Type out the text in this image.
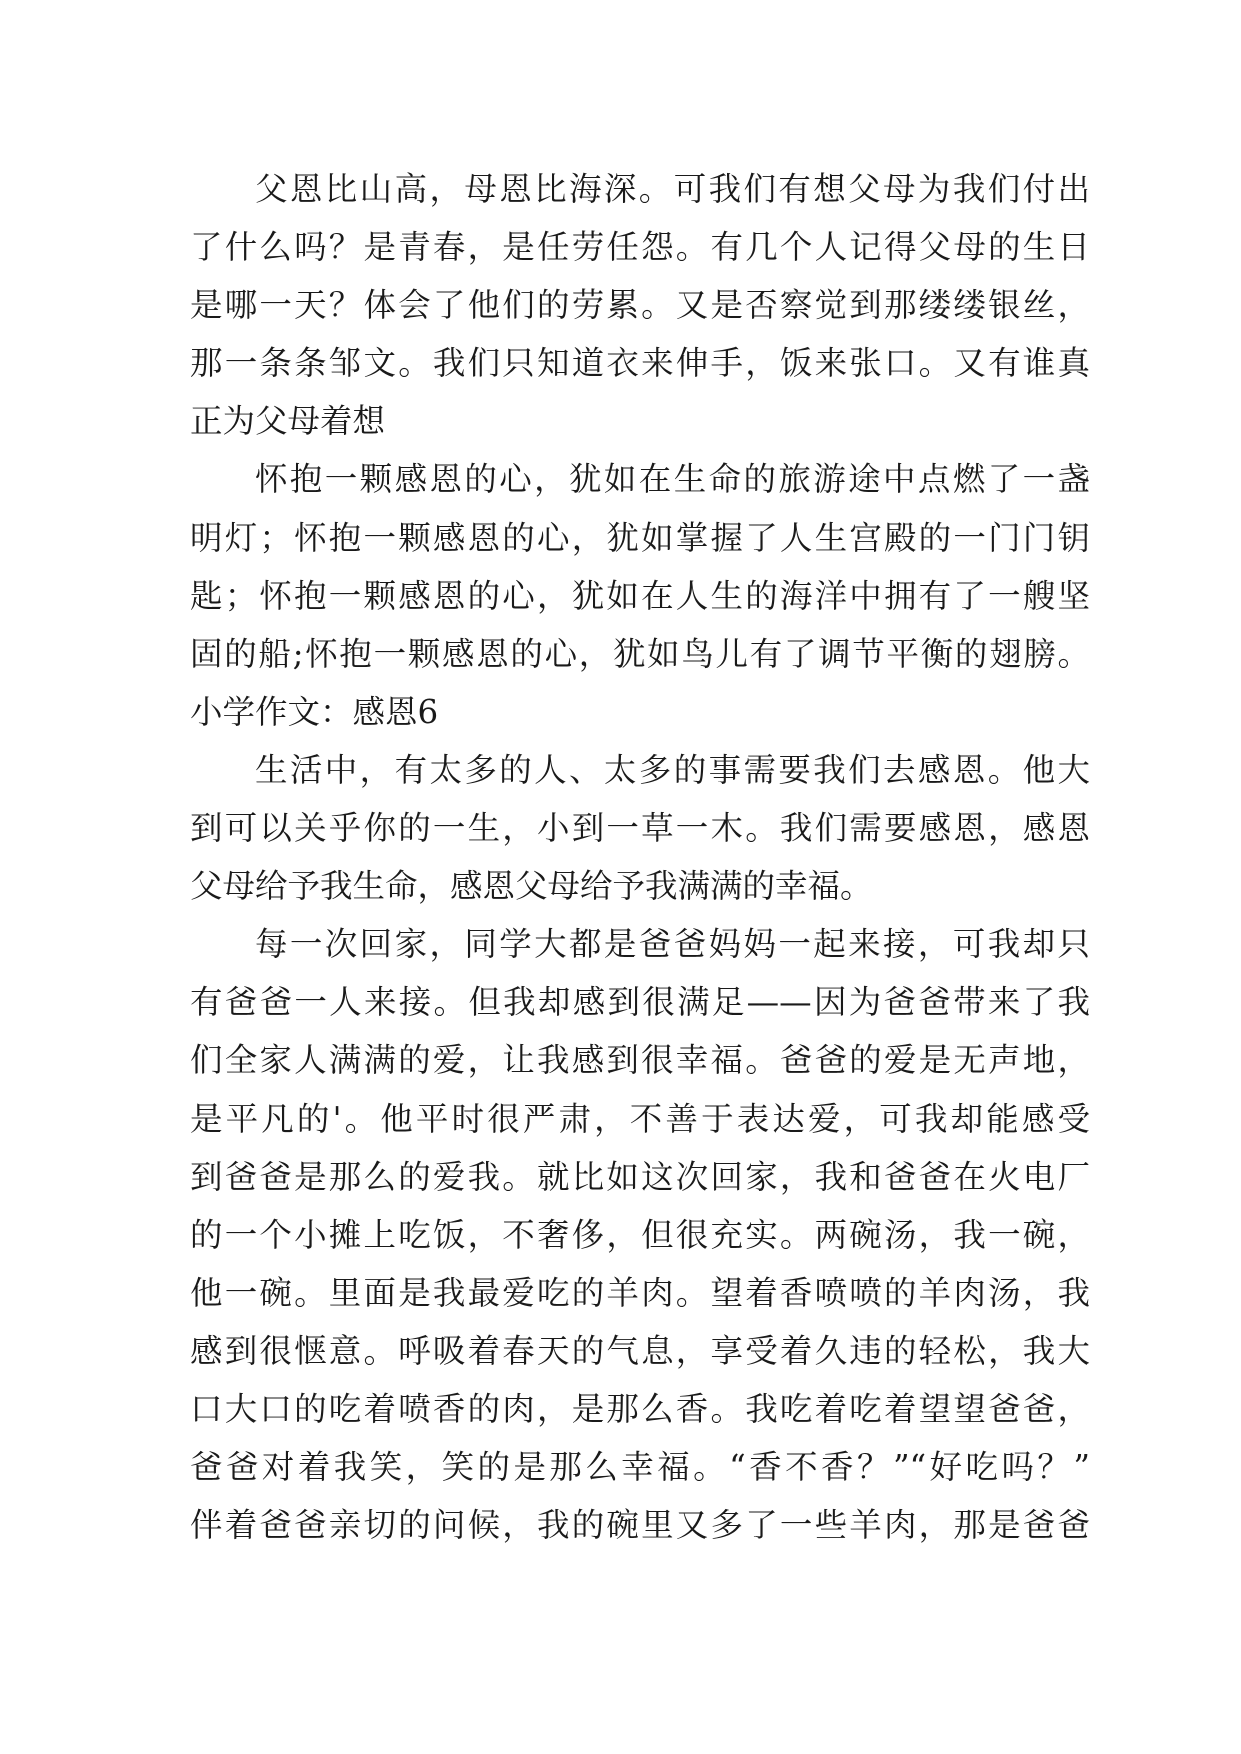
父恩比山高，母恩比海深。可我们有想父母为我们付出
了什么吗？是青春，是任劳任怨。有几个人记得父母的生日
是哪一天？体会了他们的劳累。又是否察觉到那缕缕银丝，
那一条条邹文。我们只知道衣来伸手，饭来张口。又有谁真
正为父母着想
怀抱一颗感恩的心，犹如在生命的旅游途中点燃了一盏
明灯；怀抱一颗感恩的心，犹如掌握了人生宫殿的一门门钥
匙；怀抱一颗感恩的心，犹如在人生的海洋中拥有了一艘坚
固的船;怀抱一颗感恩的心，犹如鸟儿有了调节平衡的翅膀。
小学作文：感恩6
生活中，有太多的人、太多的事需要我们去感恩。他大
到可以关乎你的一生，小到一草一木。我们需要感恩，感恩
父母给予我生命，感恩父母给予我满满的幸福。
每一次回家，同学大都是爸爸妈妈一起来接，可我却只
有爸爸一人来接。但我却感到很满足——因为爸爸带来了我
们全家人满满的爱，让我感到很幸福。爸爸的爱是无声地，
是平凡的'。他平时很严肃，不善于表达爱，可我却能感受
到爸爸是那么的爱我。就比如这次回家，我和爸爸在火电厂
的一个小摊上吃饭，不奢侈，但很充实。两碗汤，我一碗，
他一碗。里面是我最爱吃的羊肉。望着香喷喷的羊肉汤，我
感到很惬意。呼吸着春天的气息，享受着久违的轻松，我大
口大口的吃着喷香的肉，是那么香。我吃着吃着望望爸爸，
爸爸对着我笑，笑的是那么幸福。“香不香？”“好吃吗？”
伴着爸爸亲切的问候，我的碗里又多了一些羊肉，那是爸爸
